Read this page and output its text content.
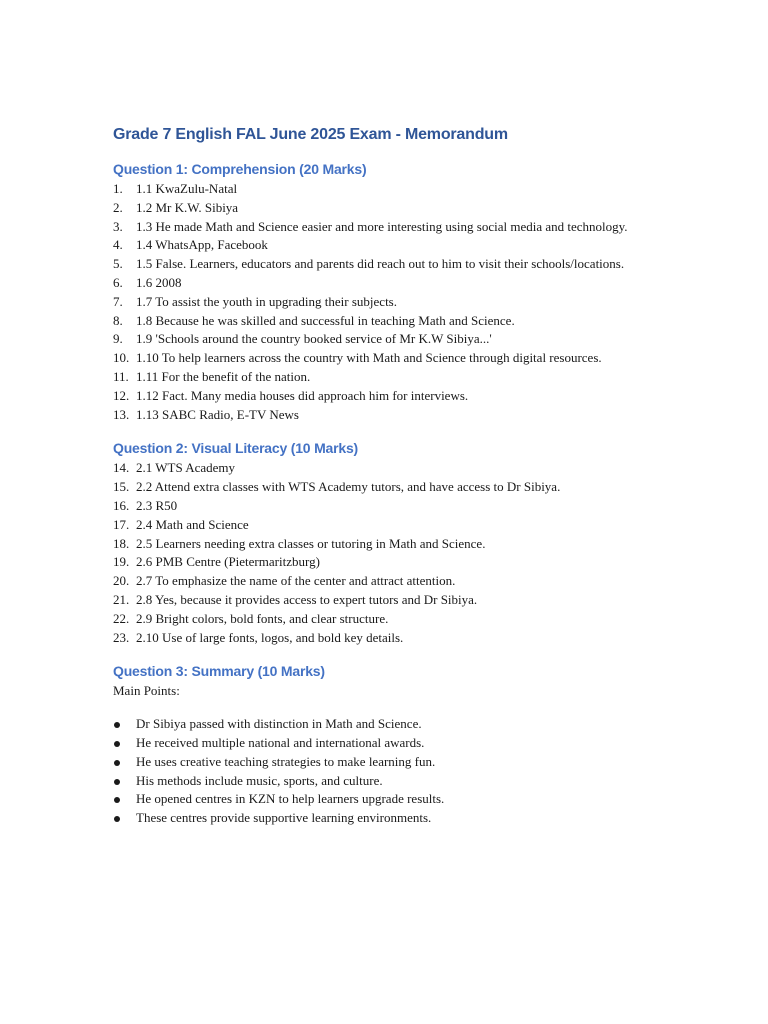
Grade 7 English FAL June 2025 Exam - Memorandum
Question 1: Comprehension (20 Marks)
1. 1.1 KwaZulu-Natal
2. 1.2 Mr K.W. Sibiya
3. 1.3 He made Math and Science easier and more interesting using social media and technology.
4. 1.4 WhatsApp, Facebook
5. 1.5 False. Learners, educators and parents did reach out to him to visit their schools/locations.
6. 1.6 2008
7. 1.7 To assist the youth in upgrading their subjects.
8. 1.8 Because he was skilled and successful in teaching Math and Science.
9. 1.9 'Schools around the country booked service of Mr K.W Sibiya...'
10. 1.10 To help learners across the country with Math and Science through digital resources.
11. 1.11 For the benefit of the nation.
12. 1.12 Fact. Many media houses did approach him for interviews.
13. 1.13 SABC Radio, E-TV News
Question 2: Visual Literacy (10 Marks)
14. 2.1 WTS Academy
15. 2.2 Attend extra classes with WTS Academy tutors, and have access to Dr Sibiya.
16. 2.3 R50
17. 2.4 Math and Science
18. 2.5 Learners needing extra classes or tutoring in Math and Science.
19. 2.6 PMB Centre (Pietermaritzburg)
20. 2.7 To emphasize the name of the center and attract attention.
21. 2.8 Yes, because it provides access to expert tutors and Dr Sibiya.
22. 2.9 Bright colors, bold fonts, and clear structure.
23. 2.10 Use of large fonts, logos, and bold key details.
Question 3: Summary (10 Marks)

Main Points:

Dr Sibiya passed with distinction in Math and Science.
He received multiple national and international awards.
He uses creative teaching strategies to make learning fun.
His methods include music, sports, and culture.
He opened centres in KZN to help learners upgrade results.
These centres provide supportive learning environments.
